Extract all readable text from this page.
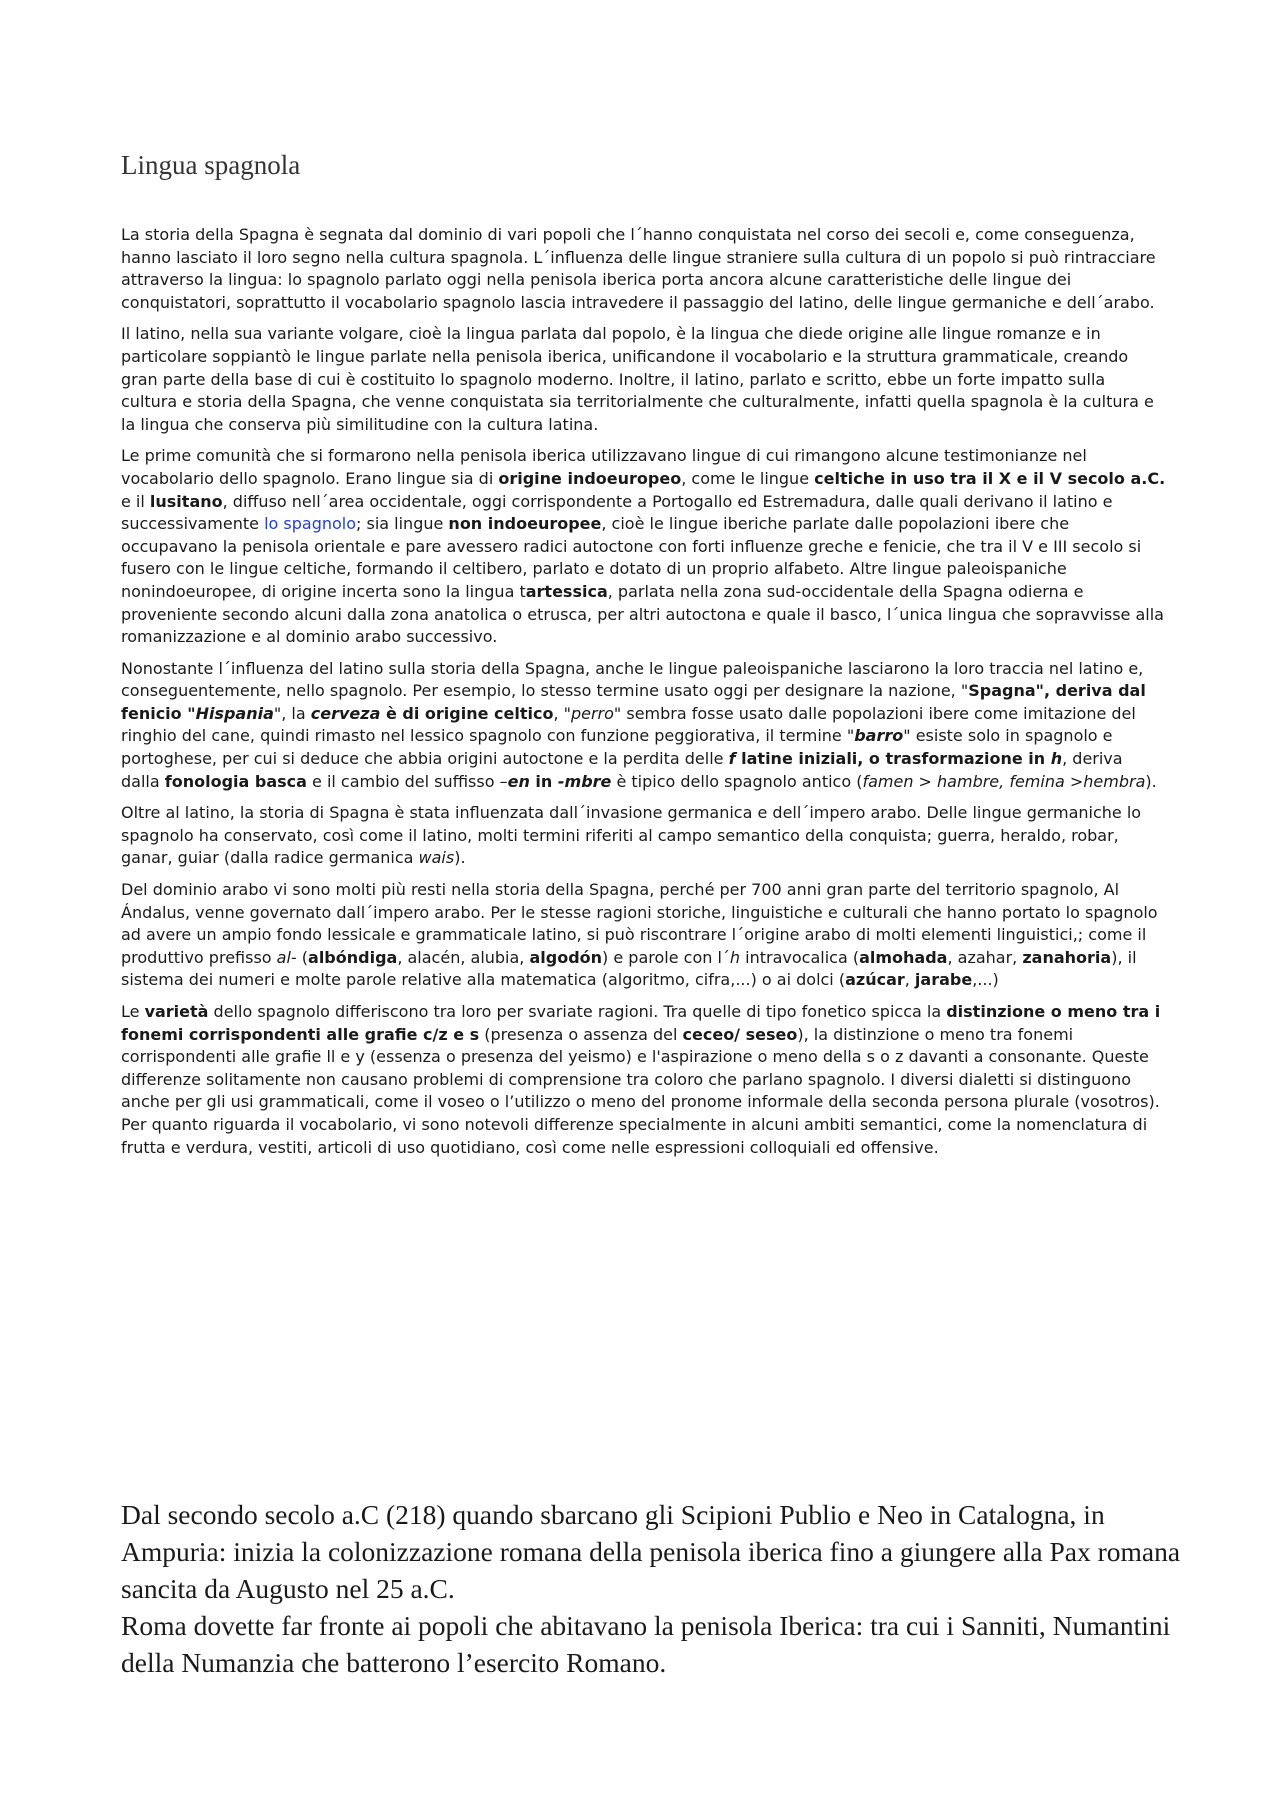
Lingua spagnola

La storia della Spagna è segnata dal dominio di vari popoli che l´hanno conquistata nel corso dei secoli e, come conseguenza, hanno lasciato il loro segno nella cultura spagnola. L´influenza delle lingue straniere sulla cultura di un popolo si può rintracciare attraverso la lingua: lo spagnolo parlato oggi nella penisola iberica porta ancora alcune caratteristiche delle lingue dei conquistatori, soprattutto il vocabolario spagnolo lascia intravedere il passaggio del latino, delle lingue germaniche e dell´arabo.

Il latino, nella sua variante volgare, cioè la lingua parlata dal popolo, è la lingua che diede origine alle lingue romanze e in particolare soppiantò le lingue parlate nella penisola iberica, unificandone il vocabolario e la struttura grammaticale, creando gran parte della base di cui è costituito lo spagnolo moderno. Inoltre, il latino, parlato e scritto, ebbe un forte impatto sulla cultura e storia della Spagna, che venne conquistata sia territorialmente che culturalmente, infatti quella spagnola è la cultura e la lingua che conserva più similitudine con la cultura latina.

Le prime comunità che si formarono nella penisola iberica utilizzavano lingue di cui rimangono alcune testimonianze nel vocabolario dello spagnolo. Erano lingue sia di origine indoeuropeo, come le lingue celtiche in uso tra il X e il V secolo a.C. e il lusitano, diffuso nell´area occidentale, oggi corrispondente a Portogallo ed Estremadura, dalle quali derivano il latino e successivamente lo spagnolo; sia lingue non indoeuropee, cioè le lingue iberiche parlate dalle popolazioni ibere che occupavano la penisola orientale e pare avessero radici autoctone con forti influenze greche e fenicie, che tra il V e III secolo si fusero con le lingue celtiche, formando il celtibero, parlato e dotato di un proprio alfabeto. Altre lingue paleoispaniche nonindoeuropee, di origine incerta sono la lingua tartessica, parlata nella zona sud-occidentale della Spagna odierna e proveniente secondo alcuni dalla zona anatolica o etrusca, per altri autoctona e quale il basco, l´unica lingua che sopravvisse alla romanizzazione e al dominio arabo successivo.

Nonostante l´influenza del latino sulla storia della Spagna, anche le lingue paleoispaniche lasciarono la loro traccia nel latino e, conseguentemente, nello spagnolo. Per esempio, lo stesso termine usato oggi per designare la nazione, "Spagna", deriva dal fenicio "Hispania", la cerveza è di origine celtico, "perro" sembra fosse usato dalle popolazioni ibere come imitazione del ringhio del cane, quindi rimasto nel lessico spagnolo con funzione peggiorativa, il termine "barro" esiste solo in spagnolo e portoghese, per cui si deduce che abbia origini autoctone e la perdita delle f latine iniziali, o trasformazione in h, deriva dalla fonologia basca e il cambio del suffisso –en in -mbre è tipico dello spagnolo antico (famen > hambre, femina >hembra).

Oltre al latino, la storia di Spagna è stata influenzata dall´invasione germanica e dell´impero arabo. Delle lingue germaniche lo spagnolo ha conservato, così come il latino, molti termini riferiti al campo semantico della conquista; guerra, heraldo, robar, ganar, guiar (dalla radice germanica wais).

Del dominio arabo vi sono molti più resti nella storia della Spagna, perché per 700 anni gran parte del territorio spagnolo, Al Ándalus, venne governato dall´impero arabo. Per le stesse ragioni storiche, linguistiche e culturali che hanno portato lo spagnolo ad avere un ampio fondo lessicale e grammaticale latino, si può riscontrare l´origine arabo di molti elementi linguistici,; come il produttivo prefisso al- (albóndiga, alacén, alubia, algodón) e parole con l´h intravocalica (almohada, azahar, zanahoria), il sistema dei numeri e molte parole relative alla matematica (algoritmo, cifra,...) o ai dolci (azúcar, jarabe,...)

Le varietà dello spagnolo differiscono tra loro per svariate ragioni. Tra quelle di tipo fonetico spicca la distinzione o meno tra i fonemi corrispondenti alle grafie c/z e s (presenza o assenza del ceceo/ seseo), la distinzione o meno tra fonemi corrispondenti alle grafie ll e y (essenza o presenza del yeismo) e l'aspirazione o meno della s o z davanti a consonante. Queste differenze solitamente non causano problemi di comprensione tra coloro che parlano spagnolo. I diversi dialetti si distinguono anche per gli usi grammaticali, come il voseo o l’utilizzo o meno del pronome informale della seconda persona plurale (vosotros). Per quanto riguarda il vocabolario, vi sono notevoli differenze specialmente in alcuni ambiti semantici, come la nomenclatura di frutta e verdura, vestiti, articoli di uso quotidiano, così come nelle espressioni colloquiali ed offensive.

Dal secondo secolo a.C (218) quando sbarcano gli Scipioni Publio e Neo in Catalogna, in Ampuria: inizia la colonizzazione romana della penisola iberica fino a giungere alla Pax romana sancita da Augusto nel 25 a.C.

Roma dovette far fronte ai popoli che abitavano la penisola Iberica: tra cui i Sanniti, Numantini della Numanzia che batterono l’esercito Romano.
